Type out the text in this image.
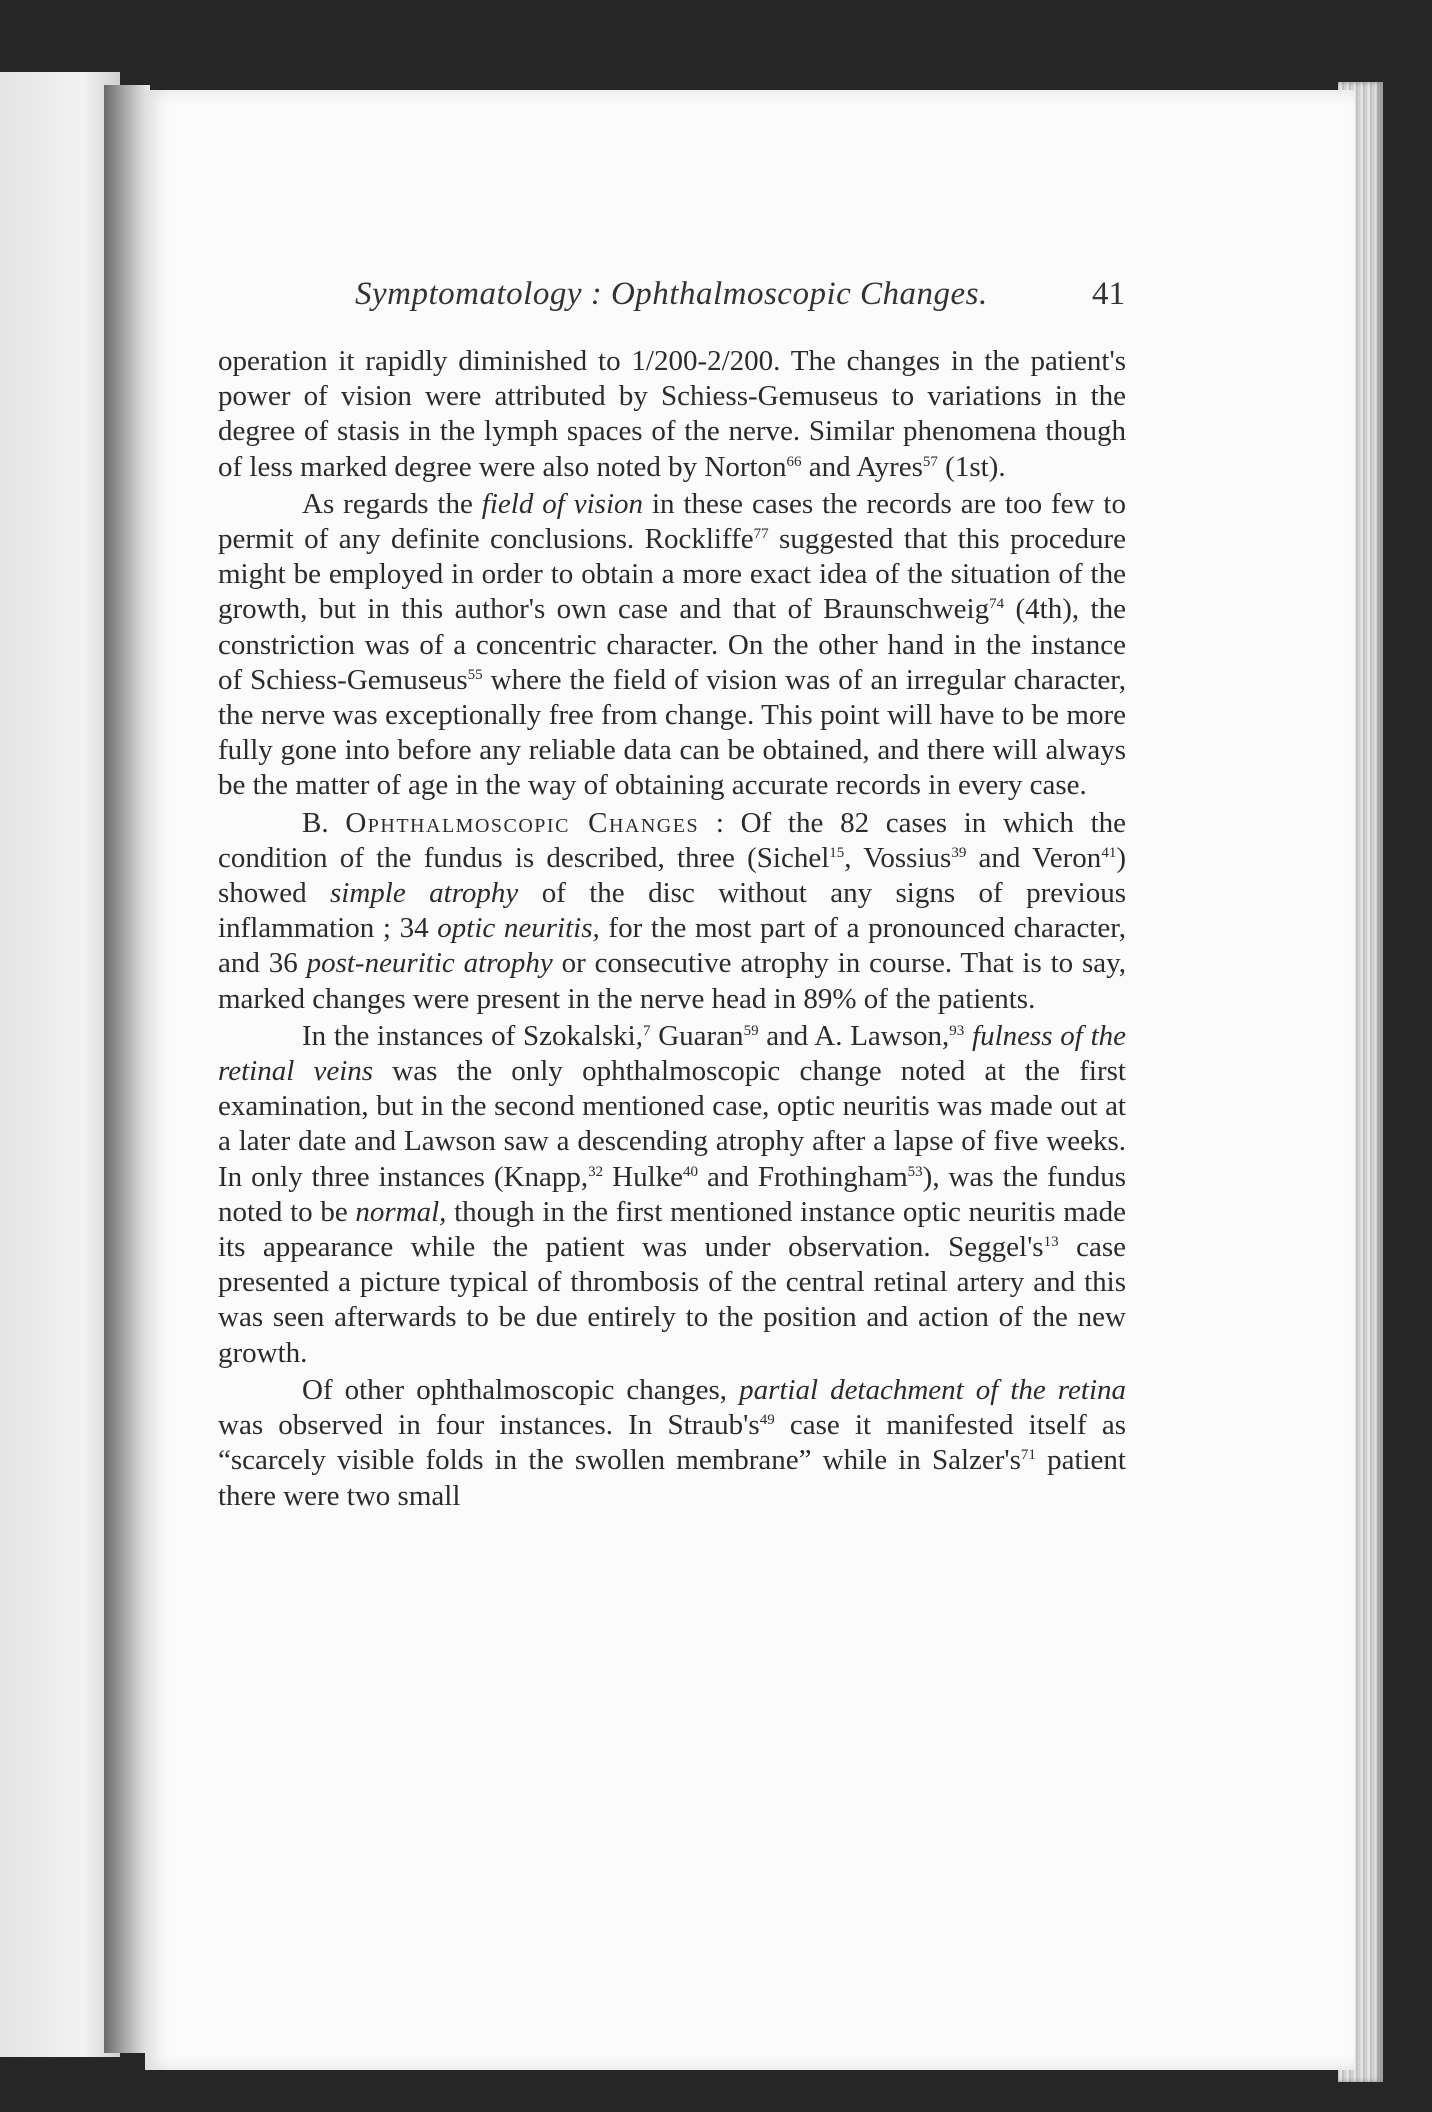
Symptomatology : Ophthalmoscopic Changes.	41

operation it rapidly diminished to 1/200-2/200. The changes in the patient's power of vision were attributed by Schiess-Gemuseus to variations in the degree of stasis in the lymph spaces of the nerve. Similar phenomena though of less marked degree were also noted by Norton$^{66}$ and Ayres$^{57}$ (1st).

As regards the field of vision in these cases the records are too few to permit of any definite conclusions. Rockliffe$^{77}$ suggested that this procedure might be employed in order to obtain a more exact idea of the situation of the growth, but in this author's own case and that of Braunschweig$^{74}$ (4th), the constriction was of a concentric character. On the other hand in the instance of Schiess-Gemuseus$^{55}$ where the field of vision was of an irregular character, the nerve was exceptionally free from change. This point will have to be more fully gone into before any reliable data can be obtained, and there will always be the matter of age in the way of obtaining accurate records in every case.

B. Ophthalmoscopic Changes : Of the 82 cases in which the condition of the fundus is described, three (Sichel$^{15}$, Vossius$^{39}$ and Veron$^{41}$) showed simple atrophy of the disc without any signs of previous inflammation ; 34 optic neuritis, for the most part of a pronounced character, and 36 post-neuritic atrophy or consecutive atrophy in course. That is to say, marked changes were present in the nerve head in 89% of the patients.

In the instances of Szokalski,$^7$ Guaran$^{59}$ and A. Lawson,$^{93}$ fulness of the retinal veins was the only ophthalmoscopic change noted at the first examination, but in the second mentioned case, optic neuritis was made out at a later date and Lawson saw a descending atrophy after a lapse of five weeks. In only three instances (Knapp,$^{32}$ Hulke$^{40}$ and Frothingham$^{53}$), was the fundus noted to be normal, though in the first mentioned instance optic neuritis made its appearance while the patient was under observation. $Seggel's^{13}$ case presented a picture typical of thrombosis of the central retinal artery and this was seen afterwards to be due entirely to the position and action of the new growth.

Of other ophthalmoscopic changes, partial detachment of the retina was observed in four instances. In $Straub's^{49}$ case it manifested itself as “scarcely visible folds in the swollen membrane” while in $Salzer's^{71}$ patient there were two small
